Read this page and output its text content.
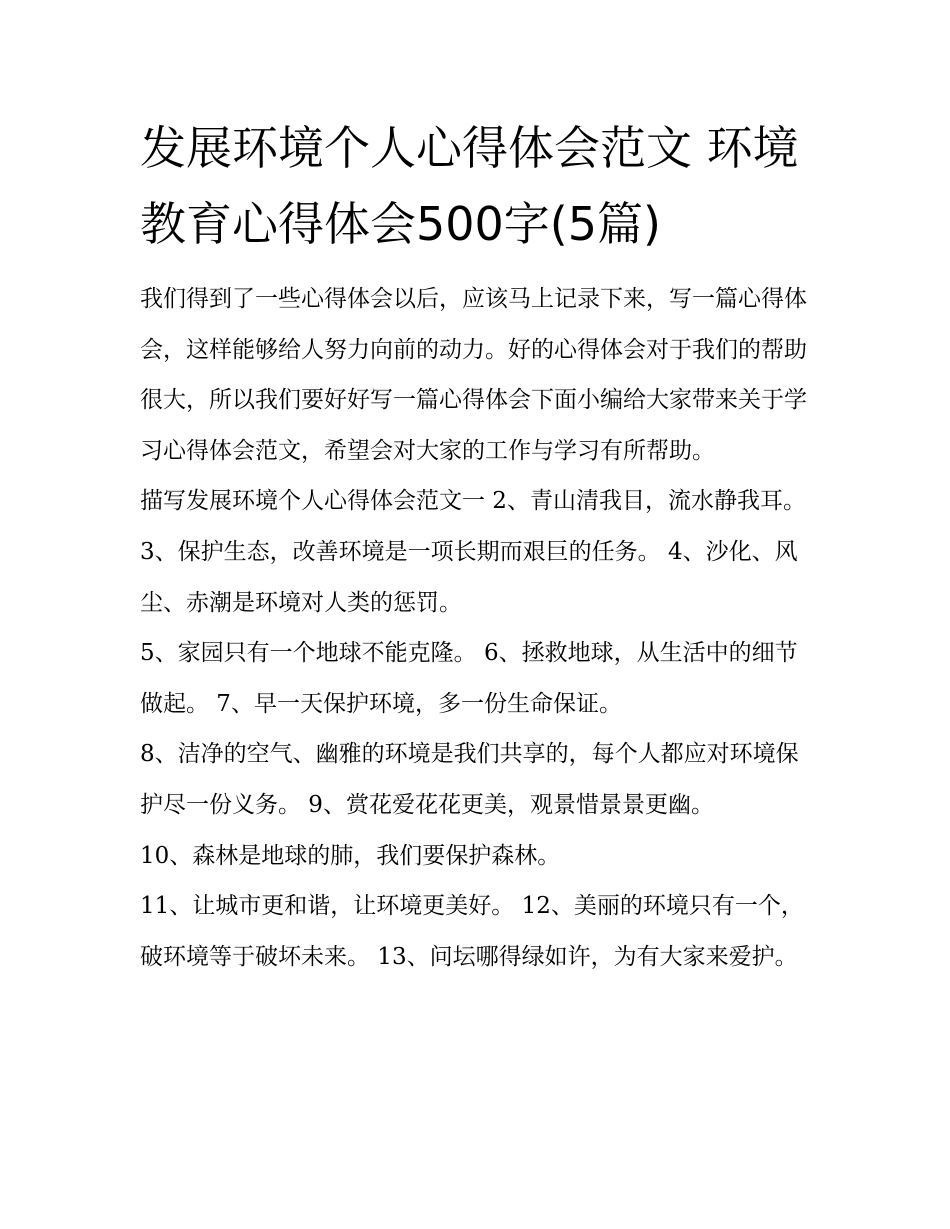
发展环境个人心得体会范文 环境教育心得体会500字(5篇)

我们得到了一些心得体会以后，应该马上记录下来，写一篇心得体会，这样能够给人努力向前的动力。好的心得体会对于我们的帮助很大，所以我们要好好写一篇心得体会下面小编给大家带来关于学习心得体会范文，希望会对大家的工作与学习有所帮助。

描写发展环境个人心得体会范文一 2、青山清我目，流水静我耳。 3、保护生态，改善环境是一项长期而艰巨的任务。 4、沙化、风尘、赤潮是环境对人类的惩罚。

5、家园只有一个地球不能克隆。 6、拯救地球，从生活中的细节做起。 7、早一天保护环境，多一份生命保证。

8、洁净的空气、幽雅的环境是我们共享的，每个人都应对环境保护尽一份义务。 9、赏花爱花花更美，观景惜景景更幽。

10、森林是地球的肺，我们要保护森林。

11、让城市更和谐，让环境更美好。 12、美丽的环境只有一个，破环境等于破坏未来。 13、问坛哪得绿如许，为有大家来爱护。
